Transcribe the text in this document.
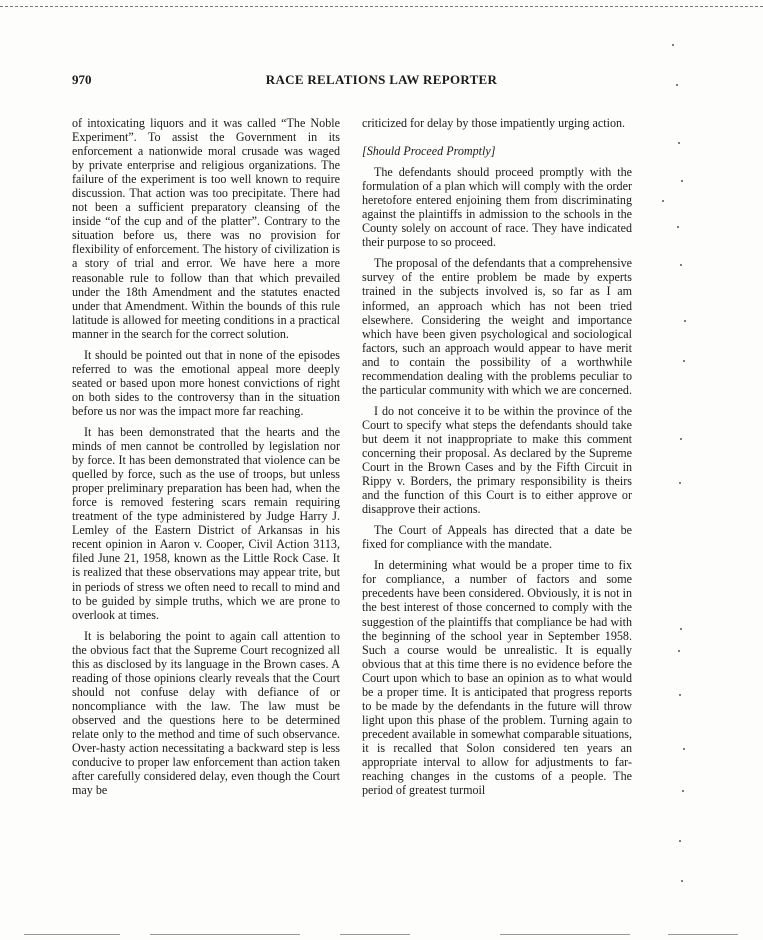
970	RACE RELATIONS LAW REPORTER

of intoxicating liquors and it was called “The Noble Experiment”. To assist the Government in its enforcement a nationwide moral crusade was waged by private enterprise and religious organizations. The failure of the experiment is too well known to require discussion. That action was too precipitate. There had not been a sufficient preparatory cleansing of the inside “of the cup and of the platter”. Contrary to the situation before us, there was no provision for flexibility of enforcement. The history of civilization is a story of trial and error. We have here a more reasonable rule to follow than that which prevailed under the 18th Amendment and the statutes enacted under that Amendment. Within the bounds of this rule latitude is allowed for meeting conditions in a practical manner in the search for the correct solution.

It should be pointed out that in none of the episodes referred to was the emotional appeal more deeply seated or based upon more honest convictions of right on both sides to the controversy than in the situation before us nor was the impact more far reaching.

It has been demonstrated that the hearts and the minds of men cannot be controlled by legislation nor by force. It has been demonstrated that violence can be quelled by force, such as the use of troops, but unless proper preliminary preparation has been had, when the force is removed festering scars remain requiring treatment of the type administered by Judge Harry J. Lemley of the Eastern District of Arkansas in his recent opinion in Aaron v. Cooper, Civil Action 3113, filed June 21, 1958, known as the Little Rock Case. It is realized that these observations may appear trite, but in periods of stress we often need to recall to mind and to be guided by simple truths, which we are prone to overlook at times.

It is belaboring the point to again call attention to the obvious fact that the Supreme Court recognized all this as disclosed by its language in the Brown cases. A reading of those opinions clearly reveals that the Court should not confuse delay with defiance of or noncompliance with the law. The law must be observed and the questions here to be determined relate only to the method and time of such observance. Over-hasty action necessitating a backward step is less conducive to proper law enforcement than action taken after carefully considered delay, even though the Court may be

criticized for delay by those impatiently urging action.

[Should Proceed Promptly]

The defendants should proceed promptly with the formulation of a plan which will comply with the order heretofore entered enjoining them from discriminating against the plaintiffs in admission to the schools in the County solely on account of race. They have indicated their purpose to so proceed.

The proposal of the defendants that a comprehensive survey of the entire problem be made by experts trained in the subjects involved is, so far as I am informed, an approach which has not been tried elsewhere. Considering the weight and importance which have been given psychological and sociological factors, such an approach would appear to have merit and to contain the possibility of a worthwhile recommendation dealing with the problems peculiar to the particular community with which we are concerned.

I do not conceive it to be within the province of the Court to specify what steps the defendants should take but deem it not inappropriate to make this comment concerning their proposal. As declared by the Supreme Court in the Brown Cases and by the Fifth Circuit in Rippy v. Borders, the primary responsibility is theirs and the function of this Court is to either approve or disapprove their actions.

The Court of Appeals has directed that a date be fixed for compliance with the mandate.

In determining what would be a proper time to fix for compliance, a number of factors and some precedents have been considered. Obviously, it is not in the best interest of those concerned to comply with the suggestion of the plaintiffs that compliance be had with the beginning of the school year in September 1958. Such a course would be unrealistic. It is equally obvious that at this time there is no evidence before the Court upon which to base an opinion as to what would be a proper time. It is anticipated that progress reports to be made by the defendants in the future will throw light upon this phase of the problem. Turning again to precedent available in somewhat comparable situations, it is recalled that Solon considered ten years an appropriate interval to allow for adjustments to far-reaching changes in the customs of a people. The period of greatest turmoil
